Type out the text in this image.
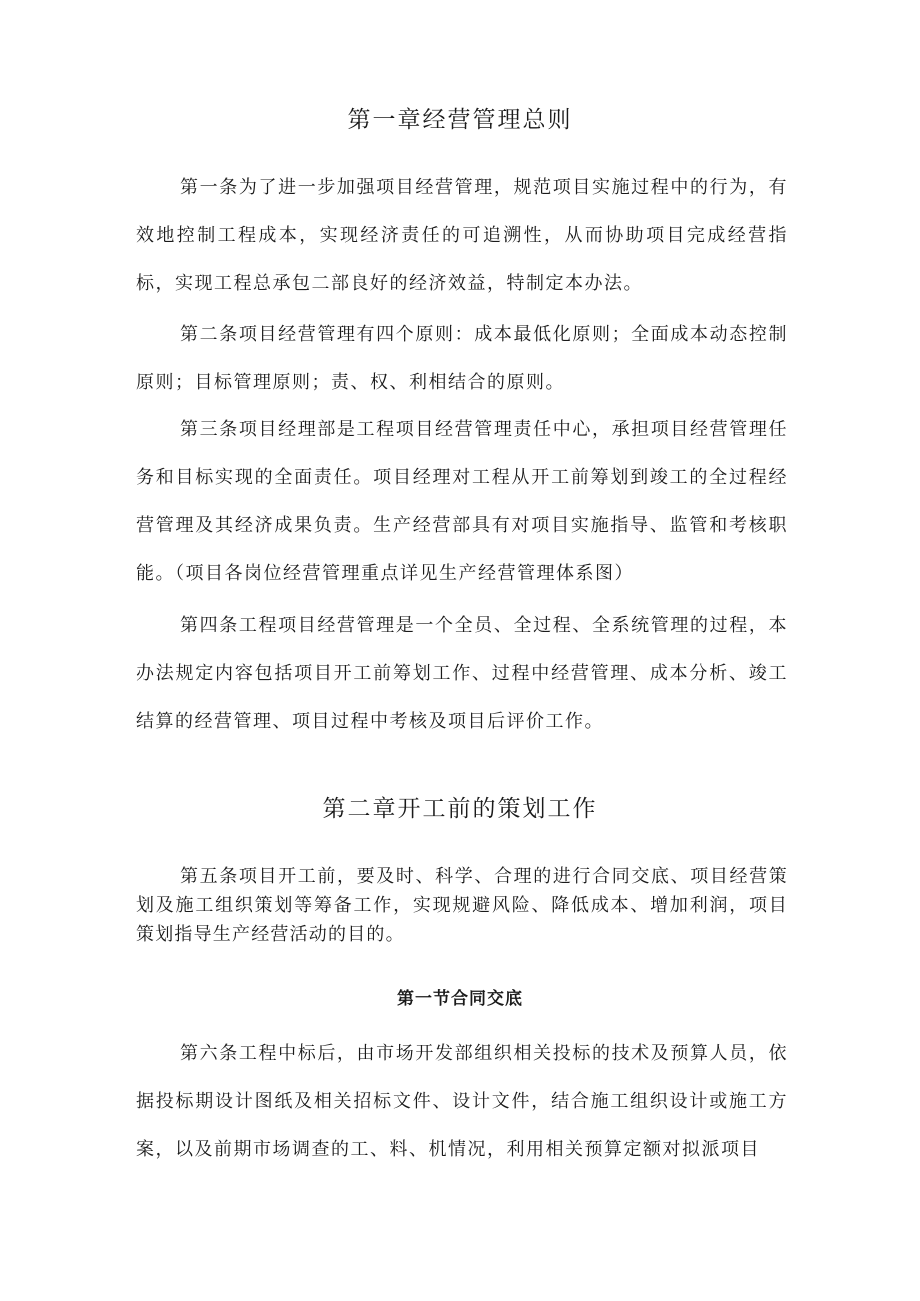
第一章经营管理总则

第一条为了进一步加强项目经营管理，规范项目实施过程中的行为，有效地控制工程成本，实现经济责任的可追溯性，从而协助项目完成经营指标，实现工程总承包二部良好的经济效益，特制定本办法。

第二条项目经营管理有四个原则：成本最低化原则；全面成本动态控制原则；目标管理原则；责、权、利相结合的原则。

第三条项目经理部是工程项目经营管理责任中心，承担项目经营管理任务和目标实现的全面责任。项目经理对工程从开工前筹划到竣工的全过程经营管理及其经济成果负责。生产经营部具有对项目实施指导、监管和考核职能。（项目各岗位经营管理重点详见生产经营管理体系图）

第四条工程项目经营管理是一个全员、全过程、全系统管理的过程，本办法规定内容包括项目开工前筹划工作、过程中经营管理、成本分析、竣工结算的经营管理、项目过程中考核及项目后评价工作。

第二章开工前的策划工作

第五条项目开工前，要及时、科学、合理的进行合同交底、项目经营策划及施工组织策划等筹备工作，实现规避风险、降低成本、增加利润，项目策划指导生产经营活动的目的。

第一节合同交底

第六条工程中标后，由市场开发部组织相关投标的技术及预算人员，依据投标期设计图纸及相关招标文件、设计文件，结合施工组织设计或施工方案，以及前期市场调查的工、料、机情况，利用相关预算定额对拟派项目
